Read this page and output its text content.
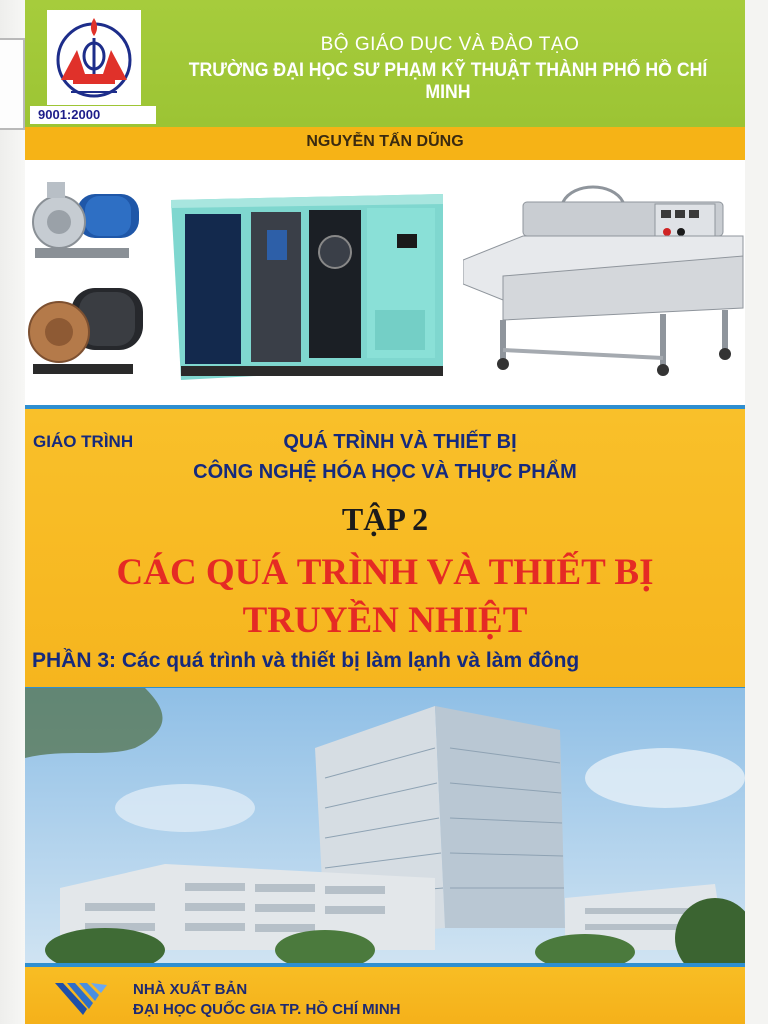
9001:2000
BỘ GIÁO DỤC VÀ ĐÀO TẠO
TRƯỜNG ĐẠI HỌC SƯ PHẠM KỸ THUẬT THÀNH PHỐ HỒ CHÍ MINH
NGUYỄN TẤN DŨNG
GIÁO TRÌNH	QUÁ TRÌNH VÀ THIẾT BỊ
CÔNG NGHỆ HÓA HỌC VÀ THỰC PHẨM
TẬP 2
CÁC QUÁ TRÌNH VÀ THIẾT BỊ
TRUYỀN NHIỆT
PHẦN 3: Các quá trình và thiết bị làm lạnh và làm đông
NHÀ XUẤT BẢN
ĐẠI HỌC QUỐC GIA TP. HỒ CHÍ MINH
